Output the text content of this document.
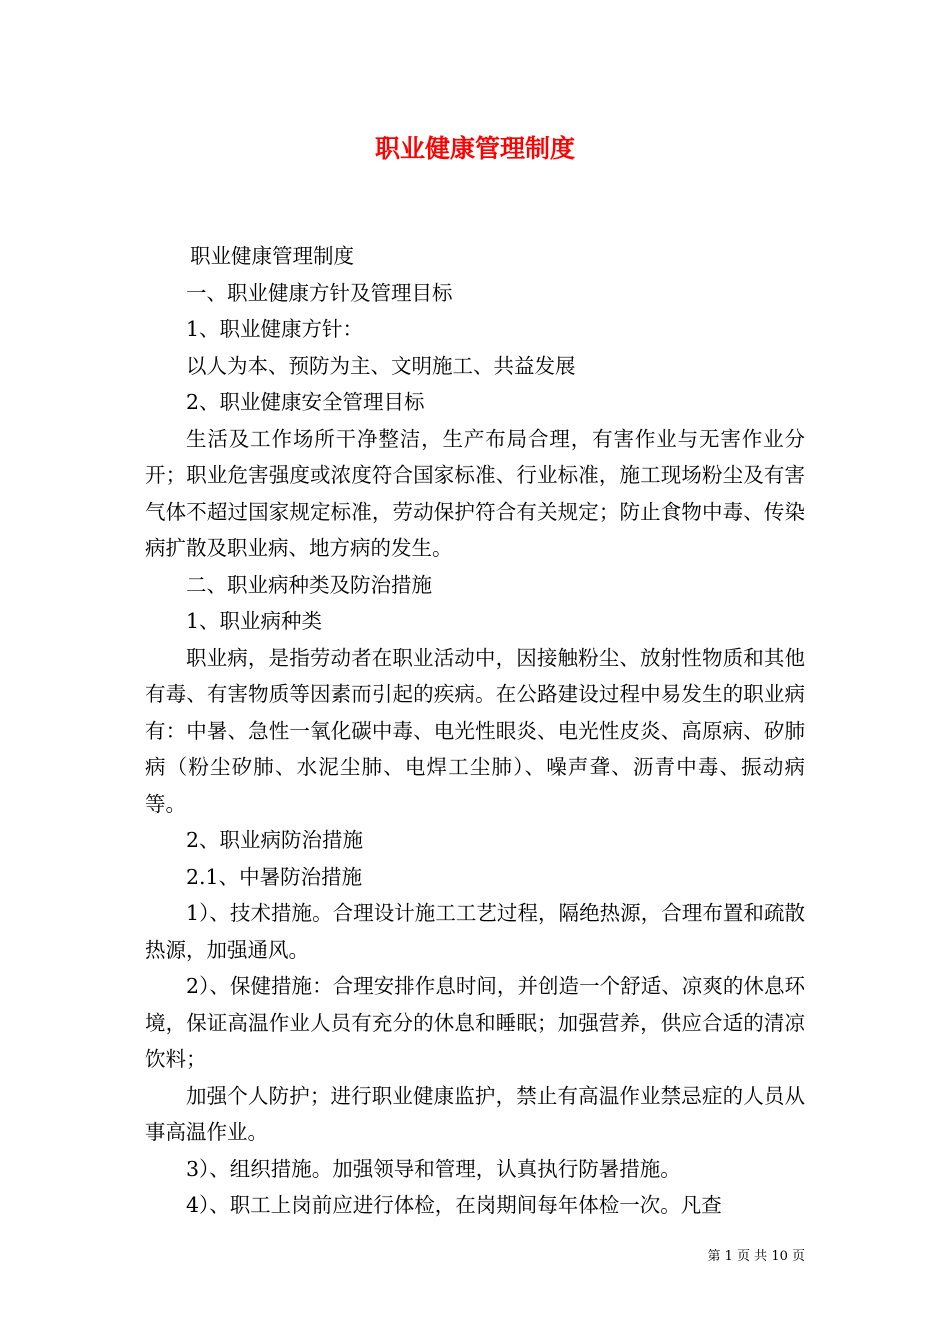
职业健康管理制度

职业健康管理制度

一、职业健康方针及管理目标

1、职业健康方针：

以人为本、预防为主、文明施工、共益发展

2、职业健康安全管理目标

生活及工作场所干净整洁，生产布局合理，有害作业与无害作业分开；职业危害强度或浓度符合国家标准、行业标准，施工现场粉尘及有害气体不超过国家规定标准，劳动保护符合有关规定；防止食物中毒、传染病扩散及职业病、地方病的发生。

二、职业病种类及防治措施

1、职业病种类

职业病，是指劳动者在职业活动中，因接触粉尘、放射性物质和其他有毒、有害物质等因素而引起的疾病。在公路建设过程中易发生的职业病有：中暑、急性一氧化碳中毒、电光性眼炎、电光性皮炎、高原病、矽肺病（粉尘矽肺、水泥尘肺、电焊工尘肺）、噪声聋、沥青中毒、振动病等。

2、职业病防治措施

2.1、中暑防治措施

1）、技术措施。合理设计施工工艺过程，隔绝热源，合理布置和疏散热源，加强通风。

2）、保健措施：合理安排作息时间，并创造一个舒适、凉爽的休息环境，保证高温作业人员有充分的休息和睡眠；加强营养，供应合适的清凉饮料；

加强个人防护；进行职业健康监护，禁止有高温作业禁忌症的人员从事高温作业。

3）、组织措施。加强领导和管理，认真执行防暑措施。

4）、职工上岗前应进行体检，在岗期间每年体检一次。凡查

第 1 页 共 10 页
